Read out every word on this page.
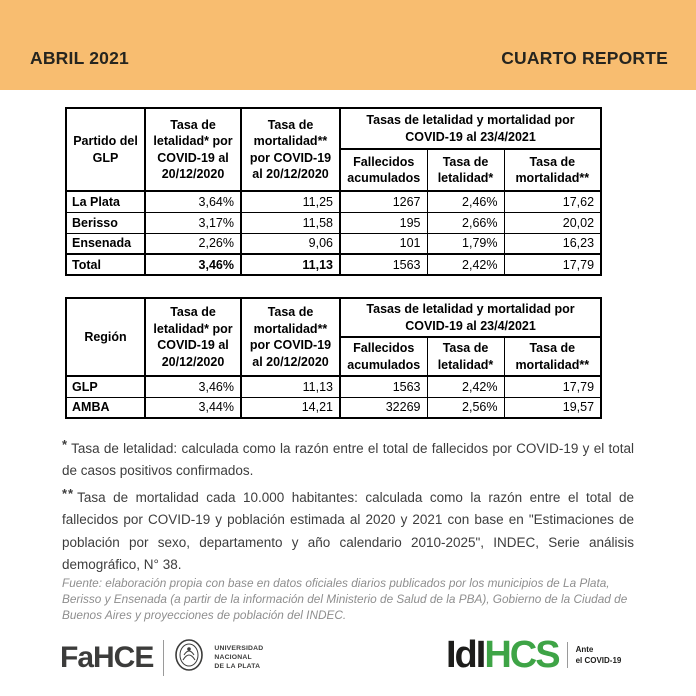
ABRIL 2021	CUARTO REPORTE
Partido del GLP	Tasa de letalidad* por COVID-19 al 20/12/2020	Tasa de mortalidad** por COVID-19 al 20/12/2020	Tasas de letalidad y mortalidad por COVID-19 al 23/4/2021		
			Fallecidos acumulados	Tasa de letalidad*	Tasa de mortalidad**
La Plata	3,64%	11,25	1267	2,46%	17,62
Berisso	3,17%	11,58	195	2,66%	20,02
Ensenada	2,26%	9,06	101	1,79%	16,23
Total	3,46%	11,13	1563	2,42%	17,79
Región	Tasa de letalidad* por COVID-19 al 20/12/2020	Tasa de mortalidad** por COVID-19 al 20/12/2020	Tasas de letalidad y mortalidad por COVID-19 al 23/4/2021		
			Fallecidos acumulados	Tasa de letalidad*	Tasa de mortalidad**
GLP	3,46%	11,13	1563	2,42%	17,79
AMBA	3,44%	14,21	32269	2,56%	19,57

* Tasa de letalidad: calculada como la razón entre el total de fallecidos por COVID-19 y el total de casos positivos confirmados.

** Tasa de mortalidad cada 10.000 habitantes: calculada como la razón entre el total de fallecidos por COVID-19 y población estimada al 2020 y 2021 con base en "Estimaciones de población por sexo, departamento y año calendario 2010-2025", INDEC, Serie análisis demográfico, N° 38.

Fuente: elaboración propia con base en datos oficiales diarios publicados por los municipios de La Plata, Berisso y Ensenada (a partir de la información del Ministerio de Salud de la PBA), Gobierno de la Ciudad de Buenos Aires y proyecciones de población del INDEC.

FaHCE	UNIVERSIDAD
NACIONAL
DE LA PLATA	IdIHCS Ante
el COVID-19
